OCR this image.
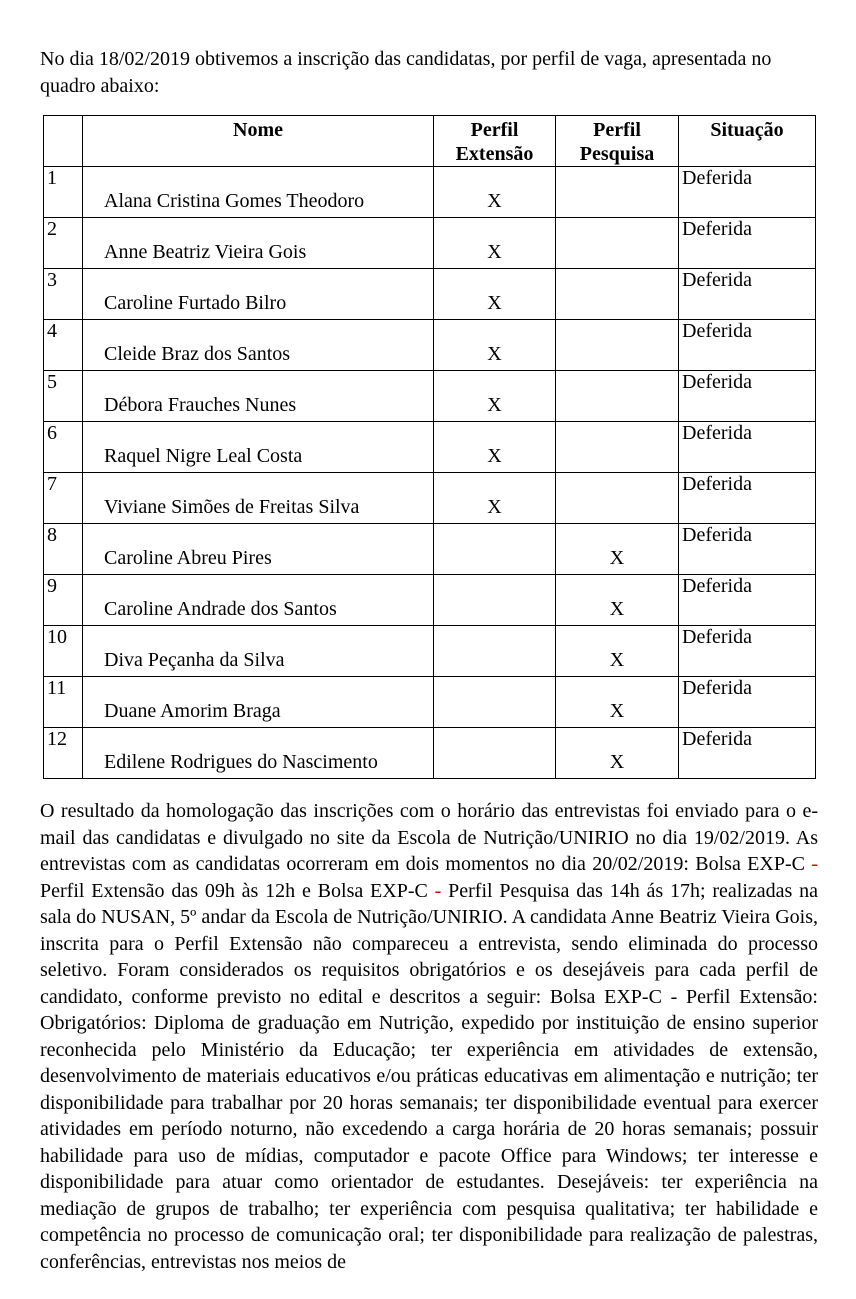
No dia 18/02/2019 obtivemos a inscrição das candidatas, por perfil de vaga, apresentada no quadro abaixo:

	Nome	Perfil Extensão	Perfil Pesquisa	Situação
1	Alana Cristina Gomes Theodoro	X		Deferida
2	Anne Beatriz Vieira Gois	X		Deferida
3	Caroline Furtado Bilro	X		Deferida
4	Cleide Braz dos Santos	X		Deferida
5	Débora Frauches Nunes	X		Deferida
6	Raquel Nigre Leal Costa	X		Deferida
7	Viviane Simões de Freitas Silva	X		Deferida
8	Caroline Abreu Pires		X	Deferida
9	Caroline Andrade dos Santos		X	Deferida
10	Diva Peçanha da Silva		X	Deferida
11	Duane Amorim Braga		X	Deferida
12	Edilene Rodrigues do Nascimento		X	Deferida

O resultado da homologação das inscrições com o horário das entrevistas foi enviado para o e-mail das candidatas e divulgado no site da Escola de Nutrição/UNIRIO no dia 19/02/2019. As entrevistas com as candidatas ocorreram em dois momentos no dia 20/02/2019: Bolsa EXP-C - Perfil Extensão das 09h às 12h e Bolsa EXP-C - Perfil Pesquisa das 14h ás 17h; realizadas na sala do NUSAN, 5º andar da Escola de Nutrição/UNIRIO. A candidata Anne Beatriz Vieira Gois, inscrita para o Perfil Extensão não compareceu a entrevista, sendo eliminada do processo seletivo. Foram considerados os requisitos obrigatórios e os desejáveis para cada perfil de candidato, conforme previsto no edital e descritos a seguir: Bolsa EXP-C - Perfil Extensão: Obrigatórios: Diploma de graduação em Nutrição, expedido por instituição de ensino superior reconhecida pelo Ministério da Educação; ter experiência em atividades de extensão, desenvolvimento de materiais educativos e/ou práticas educativas em alimentação e nutrição; ter disponibilidade para trabalhar por 20 horas semanais; ter disponibilidade eventual para exercer atividades em período noturno, não excedendo a carga horária de 20 horas semanais; possuir habilidade para uso de mídias, computador e pacote Office para Windows; ter interesse e disponibilidade para atuar como orientador de estudantes. Desejáveis: ter experiência na mediação de grupos de trabalho; ter experiência com pesquisa qualitativa; ter habilidade e competência no processo de comunicação oral; ter disponibilidade para realização de palestras, conferências, entrevistas nos meios de
